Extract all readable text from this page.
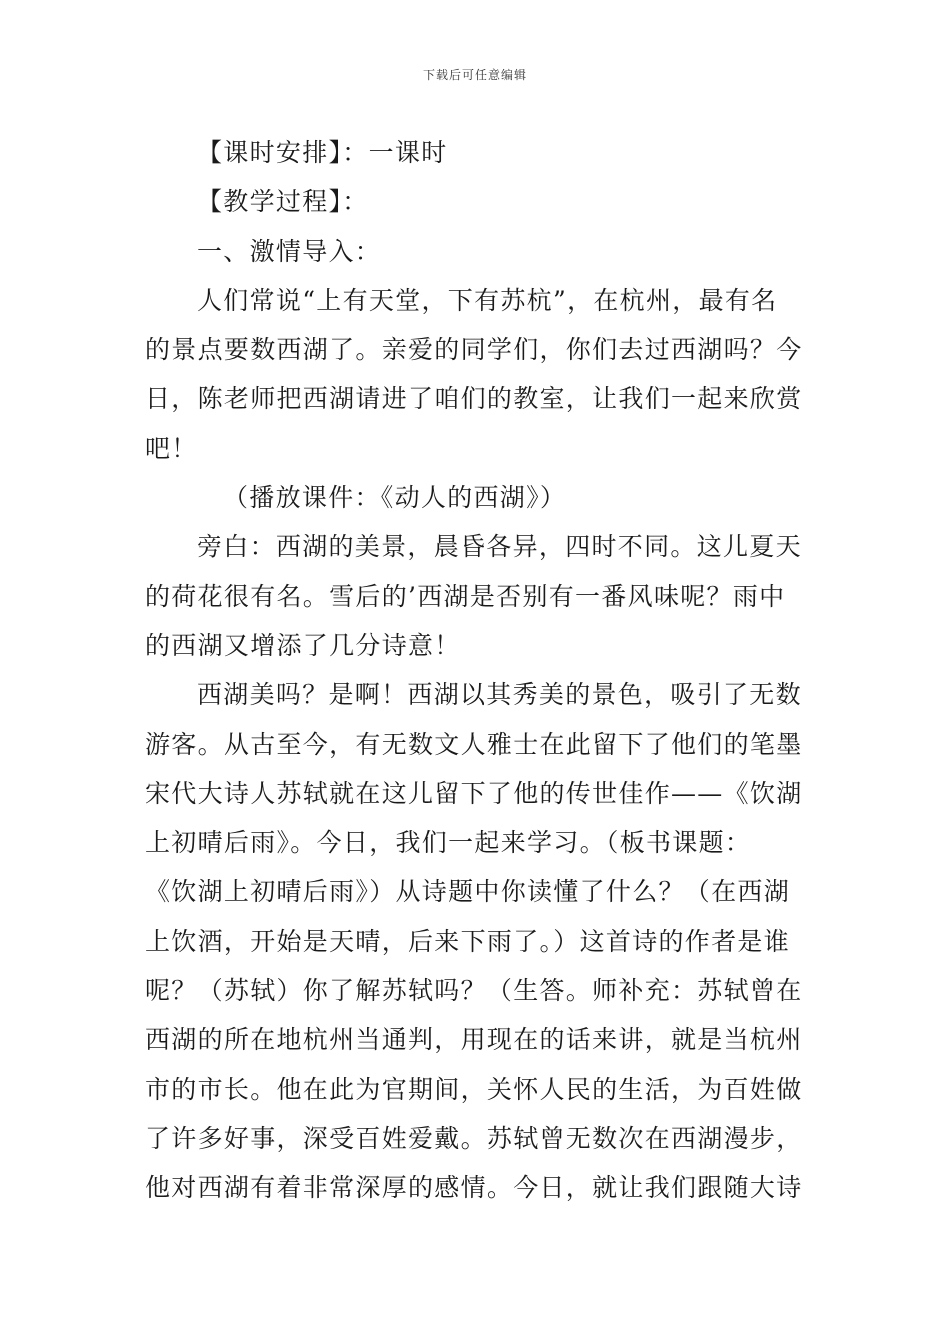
下载后可任意编辑
【课时安排】：一课时
【教学过程】：
一、激情导入：
人们常说“上有天堂，下有苏杭”，在杭州，最有名
的景点要数西湖了。亲爱的同学们，你们去过西湖吗？今
日，陈老师把西湖请进了咱们的教室，让我们一起来欣赏
吧！
（播放课件：《动人的西湖》）
旁白：西湖的美景，晨昏各异，四时不同。这儿夏天
的荷花很有名。雪后的’西湖是否别有一番风味呢？雨中
的西湖又增添了几分诗意！
西湖美吗？是啊！西湖以其秀美的景色，吸引了无数
游客。从古至今，有无数文人雅士在此留下了他们的笔墨
宋代大诗人苏轼就在这儿留下了他的传世佳作——《饮湖
上初晴后雨》。今日，我们一起来学习。（板书课题：
《饮湖上初晴后雨》）从诗题中你读懂了什么？（在西湖
上饮酒，开始是天晴，后来下雨了。）这首诗的作者是谁
呢？（苏轼）你了解苏轼吗？（生答。师补充：苏轼曾在
西湖的所在地杭州当通判，用现在的话来讲，就是当杭州
市的市长。他在此为官期间，关怀人民的生活，为百姓做
了许多好事，深受百姓爱戴。苏轼曾无数次在西湖漫步，
他对西湖有着非常深厚的感情。今日，就让我们跟随大诗
